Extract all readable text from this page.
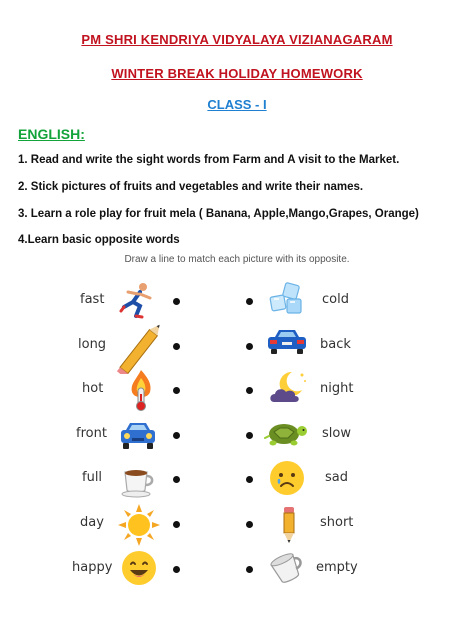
PM SHRI KENDRIYA VIDYALAYA VIZIANAGARAM
WINTER BREAK HOLIDAY HOMEWORK
CLASS - I
ENGLISH:
1. Read and write the sight words from Farm and A visit to the Market.
2. Stick pictures of fruits and vegetables and write their names.
3. Learn a role play for fruit mela ( Banana, Apple,Mango,Grapes, Orange)
4.Learn basic opposite words
Draw a line to match each picture with its opposite.
fast
long
hot
front
full
day
happy
cold
back
night
slow
sad
short
empty
